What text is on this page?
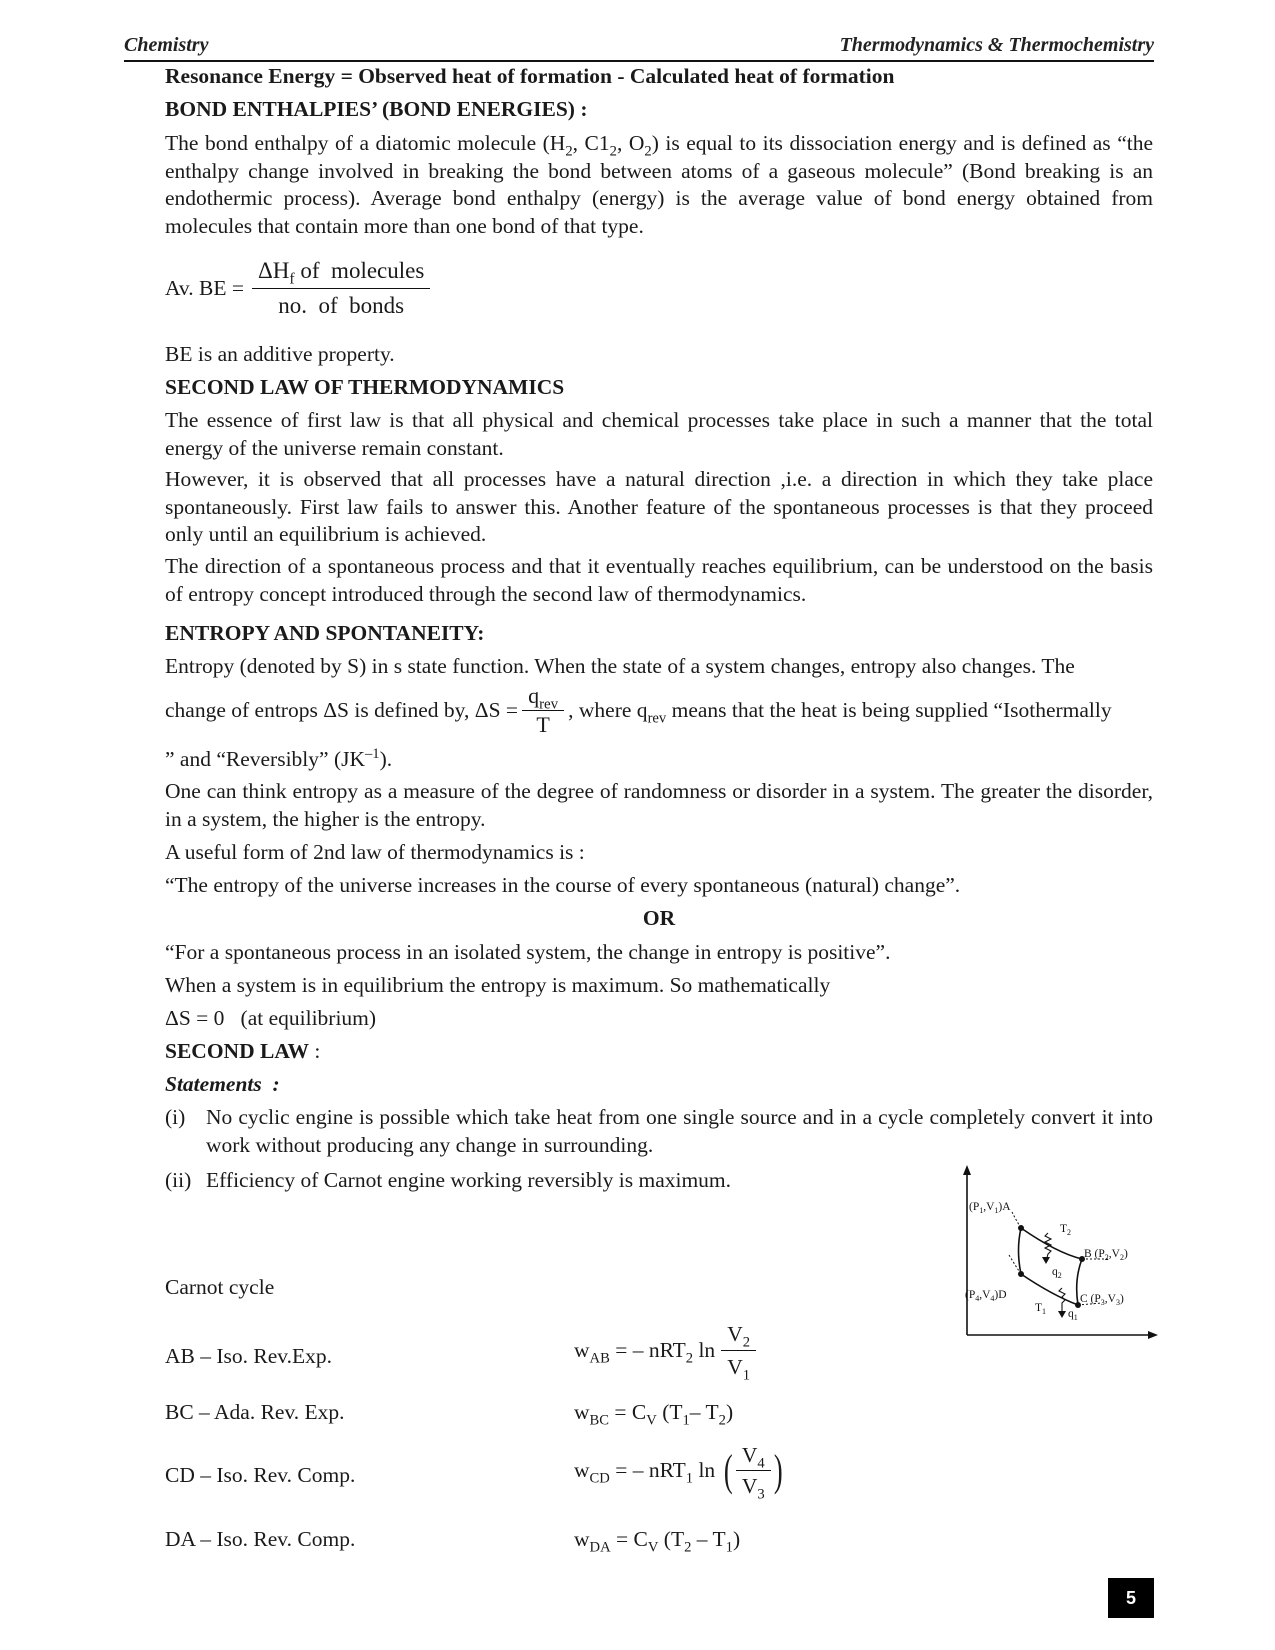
Chemistry	Thermodynamics & Thermochemistry
Resonance Energy = Observed heat of formation - Calculated heat of formation
BOND ENTHALPIES’ (BOND ENERGIES) :
The bond enthalpy of a diatomic molecule ($H_2$, $C1_2$, $O_2$) is equal to its dissociation energy and is defined as “the enthalpy change involved in breaking the bond between atoms of a gaseous molecule” (Bond breaking is an endothermic process). Average bond enthalpy (energy) is the average value of bond energy obtained from molecules that contain more than one bond of that type.
Av. BE = $\frac{\Delta H_f of molecules}{\text{no.  of  bonds}}$
BE is an additive property.
SECOND LAW OF THERMODYNAMICS
The essence of first law is that all physical and chemical processes take place in such a manner that the total energy of the universe remain constant.
However, it is observed that all processes have a natural direction ,i.e. a direction in which they take place spontaneously. First law fails to answer this. Another feature of the spontaneous processes is that they proceed only until an equilibrium is achieved.
The direction of a spontaneous process and that it eventually reaches equilibrium, can be understood on the basis of entropy concept introduced through the second law of thermodynamics.
ENTROPY AND SPONTANEITY:
Entropy (denoted by S) in s state function. When the state of a system changes, entropy also changes. The
change of entrops ΔS is defined by, $\Delta S = \frac{q_{rev}}{T}$ , where $q_{rev}$ means that the heat is being supplied “Isothermally
” and “Reversibly” $(JK^{-1})$.
One can think entropy as a measure of the degree of randomness or disorder in a system. The greater the disorder, in a system, the higher is the entropy.
A useful form of 2nd law of thermodynamics is :
“The entropy of the universe increases in the course of every spontaneous (natural) change”.
OR
“For a spontaneous process in an isolated system, the change in entropy is positive”.
When a system is in equilibrium the entropy is maximum. So mathematically
ΔS = 0   (at equilibrium)
SECOND LAW :
Statements  :
(i) No cyclic engine is possible which take heat from one single source and in a cycle completely convert it into work without producing any change in surrounding.
(ii) Efficiency of Carnot engine working reversibly is maximum.
$(P_1,V_1)A$
$T_2$
B $(P_2,V_2)$
$q_2$
$(P_4,V_4)D$	C $(P_3,V_3)$
$T_1$ $q_1$
Carnot cycle
AB – Iso. Rev.Exp.	$w_{AB}$ = – nRT$_2$ $\ln \frac{V_2}{V_1}$
BC – Ada. Rev. Exp.	$w_{BC} = C_V$ ($T_1-$ $T_2$)
CD – Iso. Rev. Comp.	$w_{CD}$ = – nRT$_1$ ln ( $\frac{V_4}{V_3}$ )
DA – Iso. Rev. Comp.	$w_{DA} = C_V$ $(T_2 - T_1)$
5
